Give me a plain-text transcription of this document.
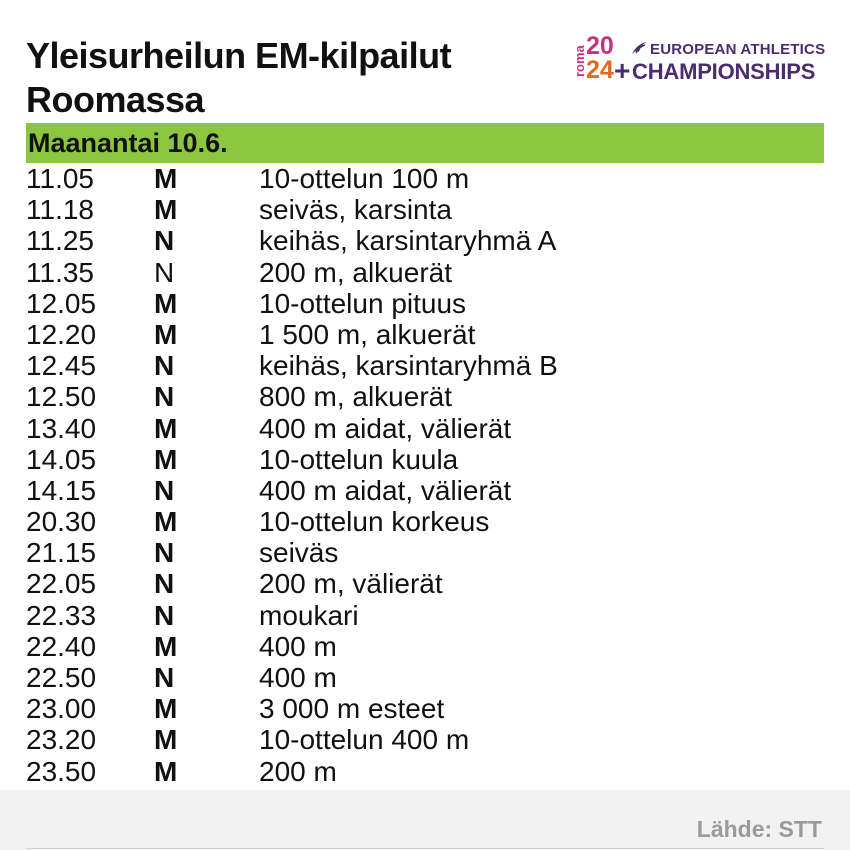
Yleisurheilun EM-kilpailut Roomassa
roma 20
24 +
EUROPEAN ATHLETICS
CHAMPIONSHIPS
Maanantai 10.6.
11.05 M	10-ottelun 100 m
11.18 M	seiväs, karsinta
11.25 N	keihäs, karsintaryhmä A
11.35 N	200 m, alkuerät
12.05 M	10-ottelun pituus
12.20 M	1 500 m, alkuerät
12.45 N	keihäs, karsintaryhmä B
12.50 N	800 m, alkuerät
13.40 M	400 m aidat, välierät
14.05 M	10-ottelun kuula
14.15 N	400 m aidat, välierät
20.30 M	10-ottelun korkeus
21.15 N	seiväs
22.05 N	200 m, välierät
22.33 N	moukari
22.40 M	400 m
22.50 N	400 m
23.00 M	3 000 m esteet
23.20 M	10-ottelun 400 m
23.50 M	200 m
Lähde: STT
